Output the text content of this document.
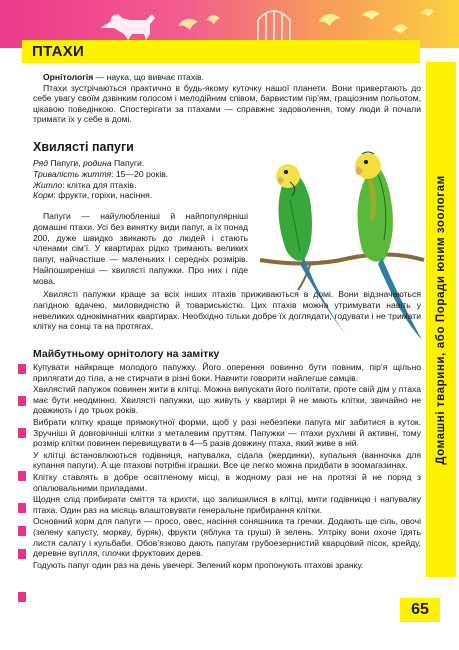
ПТАХИ
Домашні тварини, або Поради юним зоологам

Орнітологія — наука, що вивчає птахів.

Птахи зустрічаються практично в будь-якому куточку нашої планети. Вони привертають до себе увагу своїм дзвінким голосом і мелодійним співом, барвистим пір’ям, граціозним польотом, цікавою поведінкою. Спостерігати за птахами — справжнє задоволення, тому люди й почали тримати їх у себе в домі.

Хвилясті папуги
Ряд Папуги, родина Папуги.
Тривалість життя: 15—20 років.
Житло: клітка для птахів.
Корм: фрукти, горіхи, насіння.

Папуги — найулюбленіші й найпопулярніші домашні птахи. Усі без винятку види папуг, а їх понад 200, дуже швидко звикають до людей і стають членами сім’ї. У квартирах рідко тримають великих папуг, найчастіше — маленьких і середніх розмірів. Найпоширеніші — хвилясті папужки. Про них і піде мова.

Хвилясті папужки краще за всіх інших птахів приживаються в домі. Вони відзначаються лагідною вдачею, миловидністю й товариськістю. Цих птахів можна утримувати навіть у невеликих однокімнатних квартирах. Необхідно тільки добре їх доглядати, годувати і не тримати клітку на сонці та на протягах.

Майбутньому орнітологу на замітку
Купувати найкраще молодого папужку. Його оперення повинно бути повним, пір’я щільно прилягати до тіла, а не стирчати в різні боки. Навчити говорити найлегше самців.
Хвилястий папужок повинен жити в клітці. Можна випускати його політати, проте свій дім у птаха має бути неодмінно. Хвилясті папужки, що живуть у квартирі й не мають клітки, звичайно не довжиють і до трьох років.
Вибрати клітку краще прямокутної форми, щоб у разі небезпеки папуга міг забитися в куток. Зручніші й довговічніші клітки з металевим пруттям. Папужки — птахи рухливі й активні, тому розмір клітки повинен перевищувати в 4—5 разів довжину птаха, який живе в ній.
У клітці встановлюються годівниця, напувалка, сідала (жердинки), купальня (ванночка для купання папуги). А ще птахові потрібні іграшки. Все це легко можна придбати в зоомагазинах.
Клітку ставлять в добре освітленому місці, в жодному разі не на протязі й не поряд з опалювальними приладами.
Щодня слід прибирати сміття та крихти, що залишилися в клітці, мити годівницю і напувалку птаха. Один раз на місяць влаштовувати генеральне прибирання клітки.
Основний корм для папуги — просо, овес, насіння соняшника та гречки. Додають ще сіль, овочі (зелену капусту, моркву, буряк), фрукти (яблука та груші) й зелень. Ултріку вони охоче їдять листя салату і кульбаби. Обов’язково дають папугам грубоезернистий кварцовий пісок, крейду, деревне вугілля, гілочки фруктових дерев.
Годують папуг один раз на день увечері. Зелений корм пропонують птахові зранку.
65
